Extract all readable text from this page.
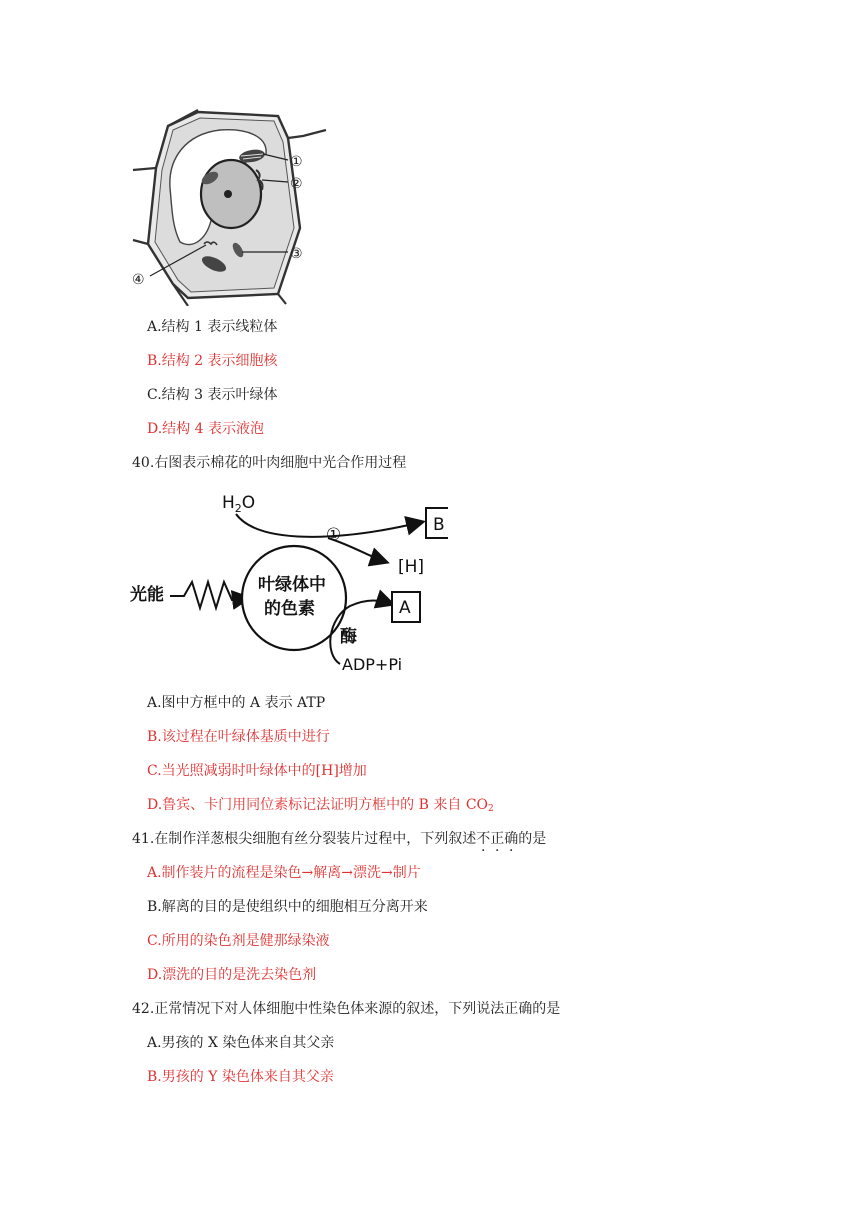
①
②
③
④
A.结构 1 表示线粒体
B.结构 2 表示细胞核
C.结构 3 表示叶绿体
D.结构 4 表示液泡
40.右图表示棉花的叶肉细胞中光合作用过程
$H_2O$
①	B
[H]
光能	叶绿体中
的色素	A
酶
ADP+Pi
A.图中方框中的 A 表示 ATP
B.该过程在叶绿体基质中进行
C.当光照减弱时叶绿体中的[H]增加
D.鲁宾、卡门用同位素标记法证明方框中的 B 来自 $CO_2$
41.在制作洋葱根尖细胞有丝分裂装片过程中，下列叙述不正确的是
A.制作装片的流程是染色→解离→漂洗→制片
B.解离的目的是使组织中的细胞相互分离开来
C.所用的染色剂是健那绿染液
D.漂洗的目的是洗去染色剂
42.正常情况下对人体细胞中性染色体来源的叙述，下列说法正确的是
A.男孩的 X 染色体来自其父亲
B.男孩的 Y 染色体来自其父亲
